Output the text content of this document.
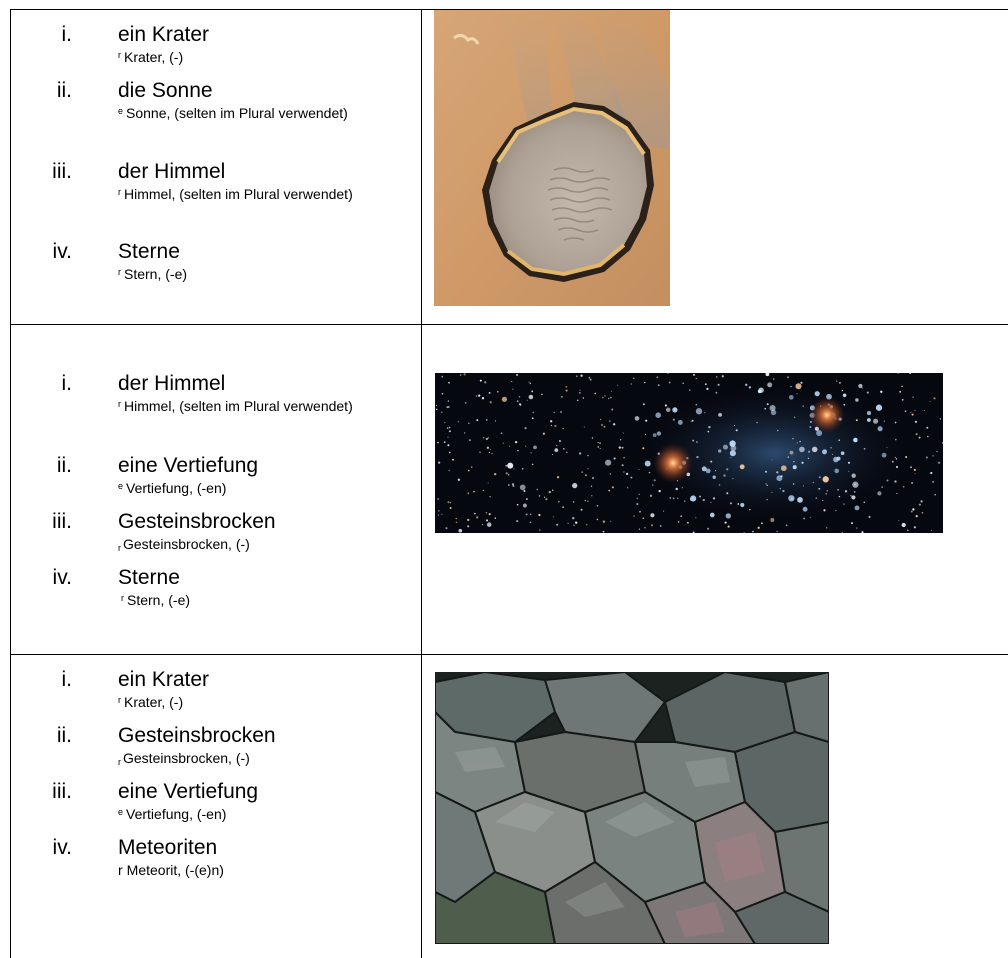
i. ein Krater
$^r$ Krater, (-)
ii. die Sonne
$^e$ Sonne, (selten im Plural verwendet)
iii. der Himmel
$^r$ Himmel, (selten im Plural verwendet)
iv. Sterne
$^r$ Stern, (-e)
i. der Himmel
$^r$ Himmel, (selten im Plural verwendet)
ii. eine Vertiefung
$^e$ Vertiefung, (-en)
iii. Gesteinsbrocken
r Gesteinsbrocken, (-)
iv. Sterne
$^r$ Stern, (-e)
i. ein Krater
$^r$ Krater, (-)
ii. Gesteinsbrocken
r Gesteinsbrocken, (-)
iii. eine Vertiefung
$^e$ Vertiefung, (-en)
iv. Meteoriten
r Meteorit, (-(e)n)
